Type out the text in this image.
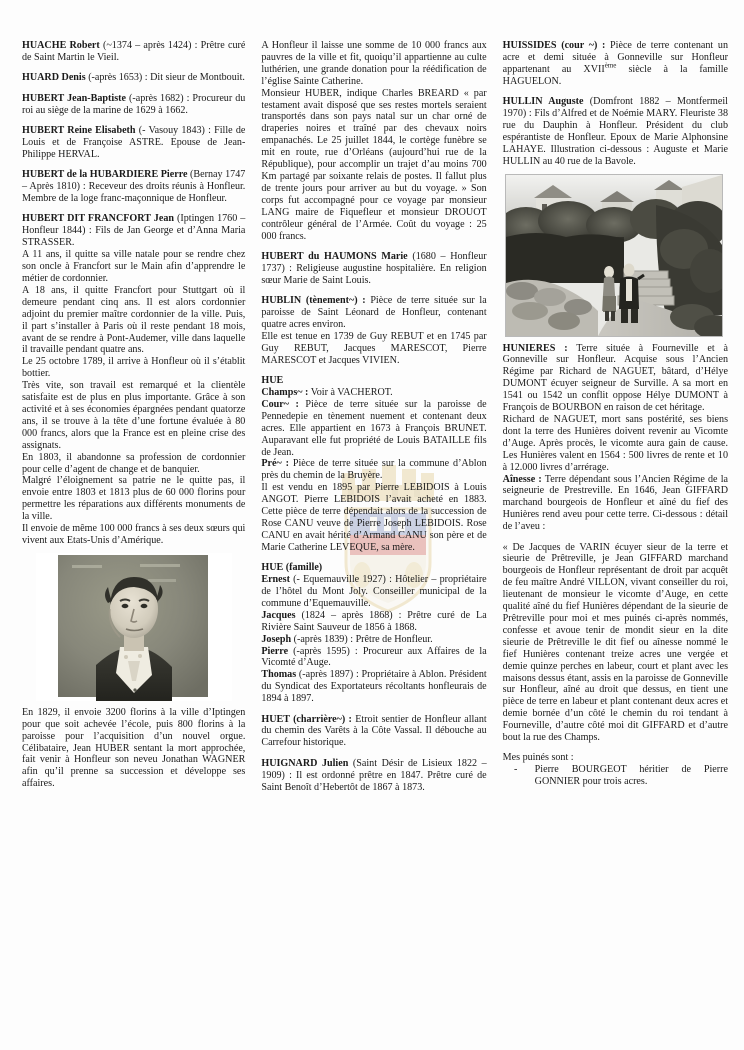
HUACHE Robert (~1374 – après 1424) : Prêtre curé de Saint Martin le Vieil.

HUARD Denis (-après 1653) : Dit sieur de Montbouit.

HUBERT Jean-Baptiste (-après 1682) : Procureur du roi au siège de la marine de 1629 à 1662.

HUBERT Reine Elisabeth (- Vasouy 1843) : Fille de Louis et de Françoise ASTRE. Epouse de Jean-Philippe HERVAL.

HUBERT de la HUBARDIERE Pierre (Bernay 1747 – Après 1810) : Receveur des droits réunis à Honfleur. Membre de la loge franc-maçonnique de Honfleur.

HUBERT DIT FRANCFORT Jean (Iptingen 1760 – Honfleur 1844) : Fils de Jan George et d’Anna Maria STRASSER.

A 11 ans, il quitte sa ville natale pour se rendre chez son oncle à Francfort sur le Main afin d’apprendre le métier de cordonnier.

A 18 ans, il quitte Francfort pour Stuttgart où il demeure pendant cinq ans. Il est alors cordonnier adjoint du premier maître cordonnier de la ville. Puis, il part s’installer à Paris où il reste pendant 18 mois, avant de se rendre à Pont-Audemer, ville dans laquelle il travaille pendant quatre ans.

Le 25 octobre 1789, il arrive à Honfleur où il s’établit bottier.

Très vite, son travail est remarqué et la clientèle satisfaite est de plus en plus importante. Grâce à son activité et à ses économies épargnées pendant quatorze ans, il se trouve à la tête d’une fortune évaluée à 80 000 francs, alors que la France est en pleine crise des assignats.

En 1803, il abandonne sa profession de cordonnier pour celle d’agent de change et de banquier.

Malgré l’éloignement sa patrie ne le quitte pas, il envoie entre 1803 et 1813 plus de 60 000 florins pour permettre les réparations aux différents monuments de la ville.

Il envoie de même 100 000 francs à ses deux sœurs qui vivent aux Etats-Unis d’Amérique.

En 1829, il envoie 3200 florins à la ville d’Iptingen pour que soit achevée l’école, puis 800 florins à la paroisse pour l’acquisition d’un nouvel orgue. Célibataire, Jean HUBER sentant la mort approchée, fait venir à Honfleur son neveu Jonathan WAGNER afin qu’il prenne sa succession et développe ses affaires.

A Honfleur il laisse une somme de 10 000 francs aux pauvres de la ville et fit, quoiqu’il appartienne au culte luthérien, une grande donation pour la réédification de l’église Sainte Catherine.

Monsieur HUBER, indique Charles BREARD « par testament avait disposé que ses restes mortels seraient transportés dans son pays natal sur un char orné de draperies noires et traîné par des chevaux noirs empanachés. Le 25 juillet 1844, le cortège funèbre se mit en route, rue d’Orléans (aujourd’hui rue de la République), pour accomplir un trajet d’au moins 700 Km partagé par soixante relais de postes. Il fallut plus de trente jours pour arriver au but du voyage. » Son corps fut accompagné pour ce voyage par monsieur LANG maire de Fiquefleur et monsieur DROUOT contrôleur général de l’Armée. Coût du voyage : 25 000 francs.

HUBERT du HAUMONS Marie (1680 – Honfleur 1737) : Religieuse augustine hospitalière. En religion sœur Marie de Saint Louis.

HUBLIN (tènement~) : Pièce de terre située sur la paroisse de Saint Léonard de Honfleur, contenant quatre acres environ.

Elle est tenue en 1739 de Guy REBUT et en 1745 par Guy REBUT, Jacques MARESCOT, Pierre MARESCOT et Jacques VIVIEN.

HUE

Champs~ : Voir à VACHEROT.

Cour~ : Pièce de terre située sur la paroisse de Pennedepie en tènement nuement et contenant deux acres. Elle appartient en 1673 à François BRUNET. Auparavant elle fut propriété de Louis BATAILLE fils de Jean.

Pré~ : Pièce de terre située sur la commune d’Ablon près du chemin de la Bruyère.

Il est vendu en 1895 par Pierre LEBIDOIS à Louis ANGOT. Pierre LEBIDOIS l’avait acheté en 1883. Cette pièce de terre dépendait alors de la succession de Rose CANU veuve de Pierre Joseph LEBIDOIS. Rose CANU en avait hérité d’Armand CANU son père et de Marie Catherine LEVEQUE, sa mère.

HUE (famille)

Ernest (- Equemauville 1927) : Hôtelier – propriétaire de l’hôtel du Mont Joly. Conseiller municipal de la commune d’Equemauville.

Jacques (1824 – après 1868) : Prêtre curé de La Rivière Saint Sauveur de 1856 à 1868.

Joseph (-après 1839) : Prêtre de Honfleur.

Pierre (-après 1595) : Procureur aux Affaires de la Vicomté d’Auge.

Thomas (-après 1897) : Propriétaire à Ablon. Président du Syndicat des Exportateurs récoltants honfleurais de 1894 à 1897.

HUET (charrière~) : Etroit sentier de Honfleur allant du chemin des Varêts à la Côte Vassal. Il débouche au Carrefour historique.

HUIGNARD Julien (Saint Désir de Lisieux 1822 – 1909) : Il est ordonné prêtre en 1847. Prêtre curé de Saint Benoît d’Hebertôt de 1867 à 1873.

HUISSIDES (cour ~) : Pièce de terre contenant un acre et demi située à Gonneville sur Honfleur appartenant au XVIIème siècle à la famille HAGUELON.

HULLIN Auguste (Domfront 1882 – Montfermeil 1970) : Fils d’Alfred et de Noémie MARY. Fleuriste 38 rue du Dauphin à Honfleur. Président du club espérantiste de Honfleur. Epoux de Marie Alphonsine LAHAYE. Illustration ci-dessous : Auguste et Marie HULLIN au 40 rue de la Bavole.

HUNIERES : Terre située à Fourneville et à Gonneville sur Honfleur. Acquise sous l’Ancien Régime par Richard de NAGUET, bâtard, d’Hélye DUMONT écuyer seigneur de Surville. A sa mort en 1541 ou 1542 un conflit oppose Hélye DUMONT à François de BOURBON en raison de cet héritage.

Richard de NAGUET, mort sans postérité, ses biens dont la terre des Hunières doivent revenir au Vicomte d’Auge. Après procès, le vicomte aura gain de cause. Les Hunières valent en 1564 : 500 livres de rente et 10 à 12.000 livres d’arrérage.

Aînesse : Terre dépendant sous l’Ancien Régime de la seigneurie de Prestreville. En 1646, Jean GIFFARD marchand bourgeois de Honfleur et aîné du fief des Hunières rend aveu pour cette terre. Ci-dessous : détail de l’aveu :

« De Jacques de VARIN écuyer sieur de la terre et sieurie de Prêtreville, je Jean GIFFARD marchand bourgeois de Honfleur représentant de droit par acquêt de feu maître André VILLON, vivant conseiller du roi, lieutenant de monsieur le vicomte d’Auge, en cette qualité aîné du fief Hunières dépendant de la sieurie de Prêtreville pour moi et mes puinés ci-après nommés, confesse et avoue tenir de mondit sieur en la dite sieurie de Prêtreville le dit fief ou aînesse nommé le fief Hunières contenant treize acres une vergée et demie quinze perches en labeur, court et plant avec les maisons dessus étant, assis en la paroisse de Gonneville sur Honfleur, aîné au droit que dessus, en tient une pièce de terre en labeur et plant contenant deux acres et demie bornée d’un côté le chemin du roi tendant à Fourneville, d’autre côté moi dit GIFFARD et d’autre bout la rue des Champs.

Mes puinés sont :

-	Pierre BOURGEOT héritier de Pierre GONNIER pour trois acres.
